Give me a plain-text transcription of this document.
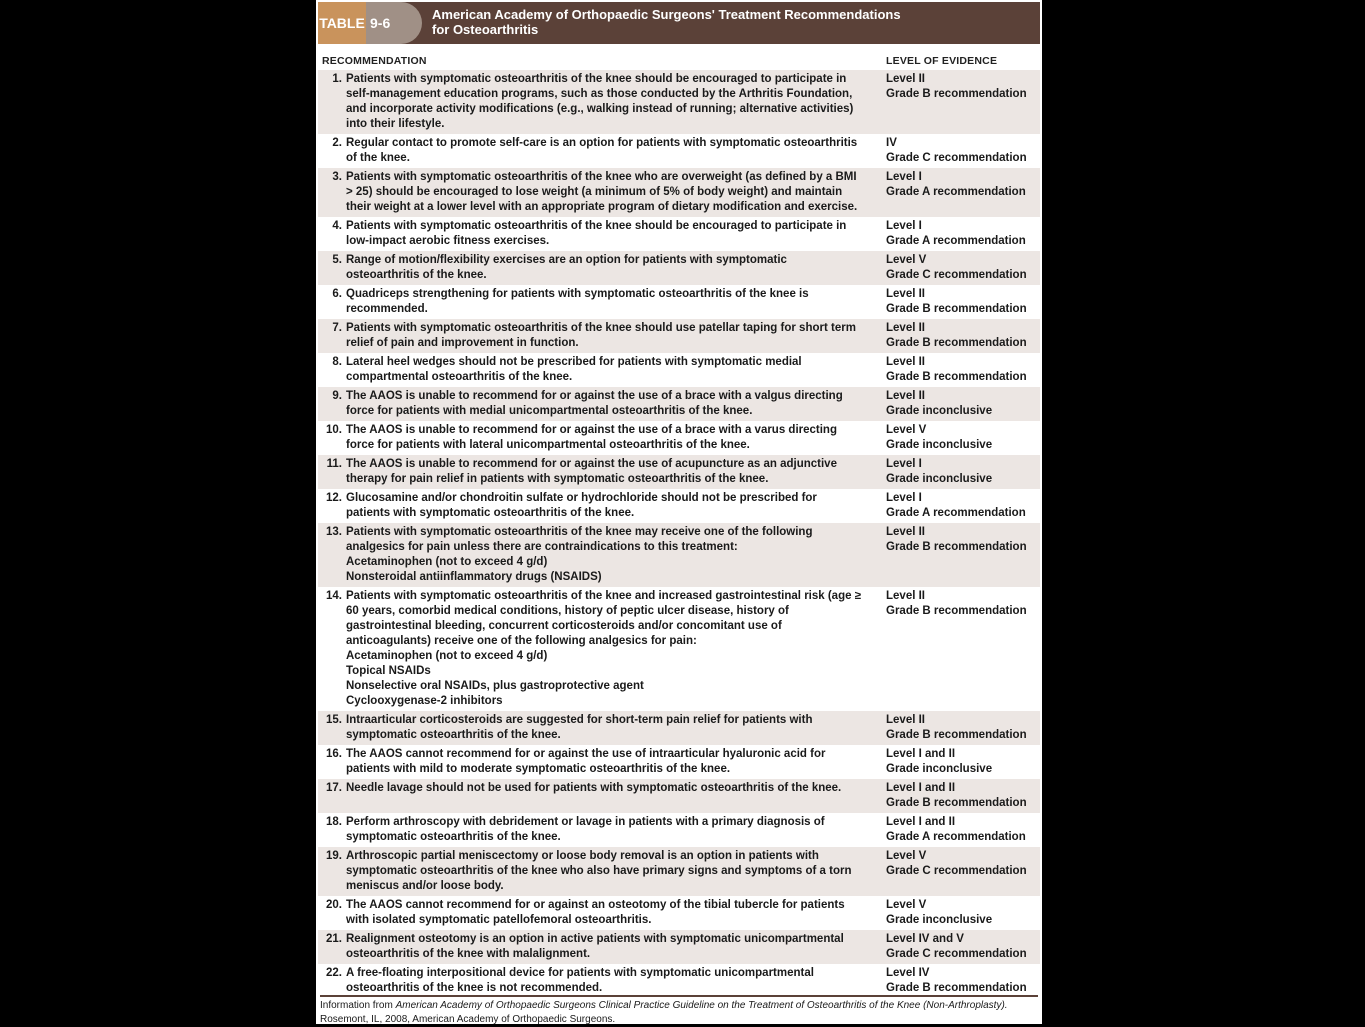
TABLE 9-6
American Academy of Orthopaedic Surgeons' Treatment Recommendations
for Osteoarthritis
RECOMMENDATION	LEVEL OF EVIDENCE
1. Patients with symptomatic osteoarthritis of the knee should be encouraged to participate in self-management education programs, such as those conducted by the Arthritis Foundation, and incorporate activity modifications (e.g., walking instead of running; alternative activities) into their lifestyle.
Level II
Grade B recommendation
2. Regular contact to promote self-care is an option for patients with symptomatic osteoarthritis of the knee.
IV
Grade C recommendation
3. Patients with symptomatic osteoarthritis of the knee who are overweight (as defined by a BMI > 25) should be encouraged to lose weight (a minimum of 5% of body weight) and maintain their weight at a lower level with an appropriate program of dietary modification and exercise.
Level I
Grade A recommendation
4. Patients with symptomatic osteoarthritis of the knee should be encouraged to participate in low-impact aerobic fitness exercises.
Level I
Grade A recommendation
5. Range of motion/flexibility exercises are an option for patients with symptomatic osteoarthritis of the knee.
Level V
Grade C recommendation
6. Quadriceps strengthening for patients with symptomatic osteoarthritis of the knee is recommended.
Level II
Grade B recommendation
7. Patients with symptomatic osteoarthritis of the knee should use patellar taping for short term relief of pain and improvement in function.
Level II
Grade B recommendation
8. Lateral heel wedges should not be prescribed for patients with symptomatic medial compartmental osteoarthritis of the knee.
Level II
Grade B recommendation
9. The AAOS is unable to recommend for or against the use of a brace with a valgus directing force for patients with medial unicompartmental osteoarthritis of the knee.
Level II
Grade inconclusive
10. The AAOS is unable to recommend for or against the use of a brace with a varus directing force for patients with lateral unicompartmental osteoarthritis of the knee.
Level V
Grade inconclusive
11. The AAOS is unable to recommend for or against the use of acupuncture as an adjunctive therapy for pain relief in patients with symptomatic osteoarthritis of the knee.
Level I
Grade inconclusive
12. Glucosamine and/or chondroitin sulfate or hydrochloride should not be prescribed for patients with symptomatic osteoarthritis of the knee.
Level I
Grade A recommendation
13. Patients with symptomatic osteoarthritis of the knee may receive one of the following analgesics for pain unless there are contraindications to this treatment:
Acetaminophen (not to exceed 4 g/d)
Nonsteroidal antiinflammatory drugs (NSAIDS)
Level II
Grade B recommendation
14. Patients with symptomatic osteoarthritis of the knee and increased gastrointestinal risk (age ≥ 60 years, comorbid medical conditions, history of peptic ulcer disease, history of gastrointestinal bleeding, concurrent corticosteroids and/or concomitant use of anticoagulants) receive one of the following analgesics for pain:
Acetaminophen (not to exceed 4 g/d)
Topical NSAIDs
Nonselective oral NSAIDs, plus gastroprotective agent
Cyclooxygenase-2 inhibitors
Level II
Grade B recommendation
15. Intraarticular corticosteroids are suggested for short-term pain relief for patients with symptomatic osteoarthritis of the knee.
Level II
Grade B recommendation
16. The AAOS cannot recommend for or against the use of intraarticular hyaluronic acid for patients with mild to moderate symptomatic osteoarthritis of the knee.
Level I and II
Grade inconclusive
17. Needle lavage should not be used for patients with symptomatic osteoarthritis of the knee.	Level I and II
Grade B recommendation
18. Perform arthroscopy with debridement or lavage in patients with a primary diagnosis of symptomatic osteoarthritis of the knee.
Level I and II
Grade A recommendation
19. Arthroscopic partial meniscectomy or loose body removal is an option in patients with symptomatic osteoarthritis of the knee who also have primary signs and symptoms of a torn meniscus and/or loose body.
Level V
Grade C recommendation
20. The AAOS cannot recommend for or against an osteotomy of the tibial tubercle for patients with isolated symptomatic patellofemoral osteoarthritis.
Level V
Grade inconclusive
21. Realignment osteotomy is an option in active patients with symptomatic unicompartmental osteoarthritis of the knee with malalignment.
Level IV and V
Grade C recommendation
22. A free-floating interpositional device for patients with symptomatic unicompartmental osteoarthritis of the knee is not recommended.
Level IV
Grade B recommendation
Information from American Academy of Orthopaedic Surgeons Clinical Practice Guideline on the Treatment of Osteoarthritis of the Knee (Non-Arthroplasty). Rosemont, IL, 2008, American Academy of Orthopaedic Surgeons.
